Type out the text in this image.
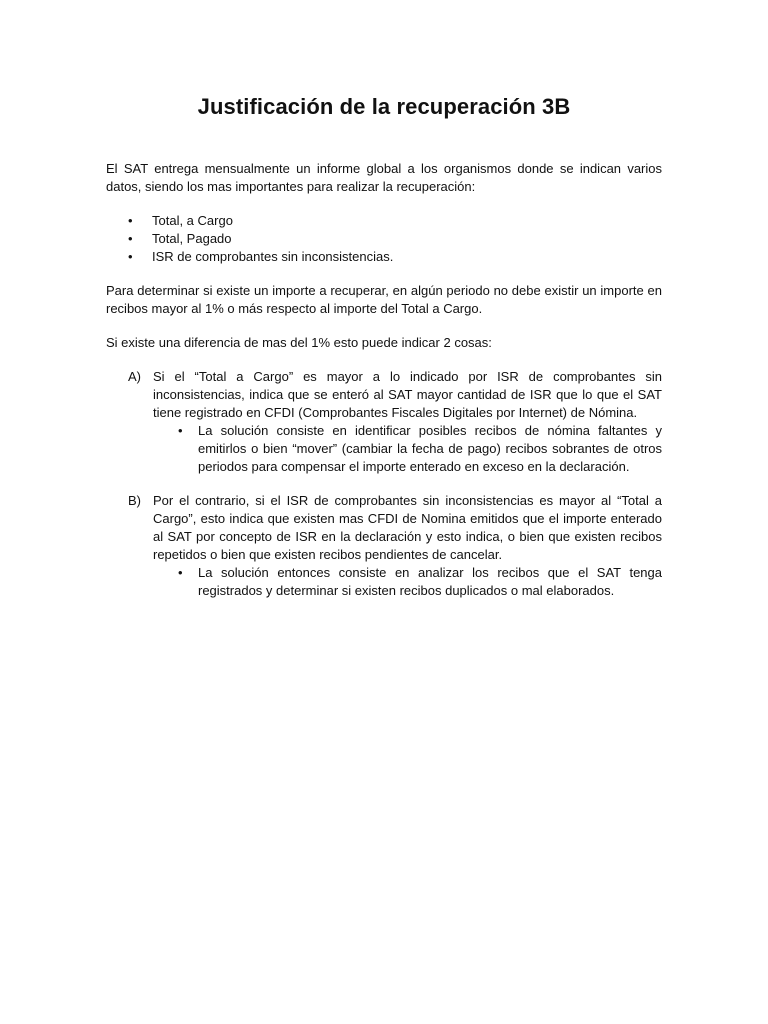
Justificación de la recuperación 3B

El SAT entrega mensualmente un informe global a los organismos donde se indican varios datos, siendo los mas importantes para realizar la recuperación:

• Total, a Cargo
• Total, Pagado
• ISR de comprobantes sin inconsistencias.

Para determinar si existe un importe a recuperar, en algún periodo no debe existir un importe en recibos mayor al 1% o más respecto al importe del Total a Cargo.

Si existe una diferencia de mas del 1% esto puede indicar 2 cosas:

A) Si el “Total a Cargo” es mayor a lo indicado por ISR de comprobantes sin inconsistencias, indica que se enteró al SAT mayor cantidad de ISR que lo que el SAT tiene registrado en CFDI (Comprobantes Fiscales Digitales por Internet) de Nómina.
• La solución consiste en identificar posibles recibos de nómina faltantes y emitirlos o bien “mover” (cambiar la fecha de pago) recibos sobrantes de otros periodos para compensar el importe enterado en exceso en la declaración.
B) Por el contrario, si el ISR de comprobantes sin inconsistencias es mayor al “Total a Cargo”, esto indica que existen mas CFDI de Nomina emitidos que el importe enterado al SAT por concepto de ISR en la declaración y esto indica, o bien que existen recibos repetidos o bien que existen recibos pendientes de cancelar.
• La solución entonces consiste en analizar los recibos que el SAT tenga registrados y determinar si existen recibos duplicados o mal elaborados.
